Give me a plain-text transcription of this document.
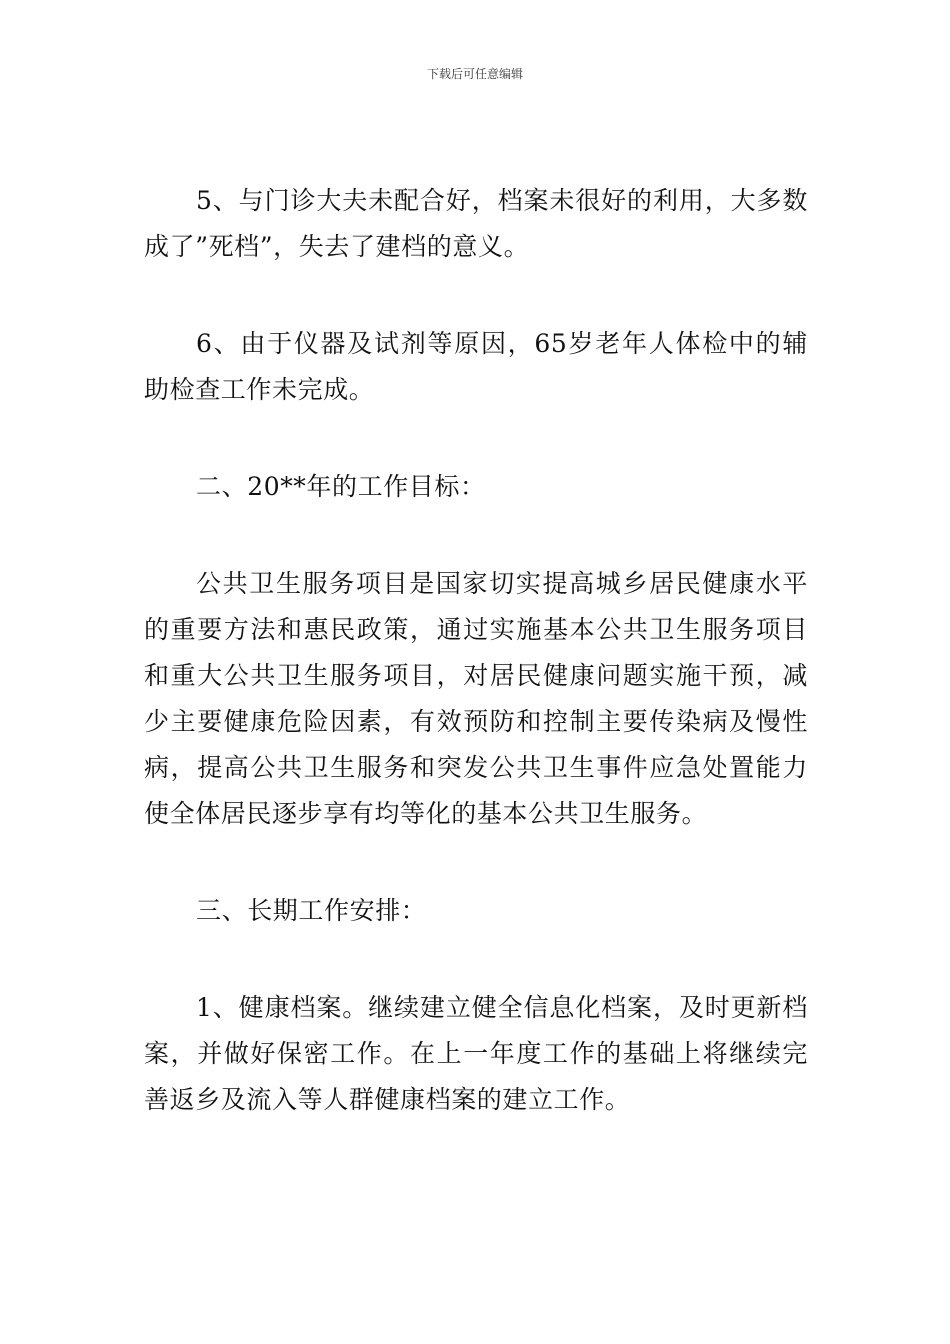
下载后可任意编辑

5、与门诊大夫未配合好，档案未很好的利用，大多数成了”死档”，失去了建档的意义。

6、由于仪器及试剂等原因，65岁老年人体检中的辅助检查工作未完成。

二、20**年的工作目标：

公共卫生服务项目是国家切实提高城乡居民健康水平的重要方法和惠民政策，通过实施基本公共卫生服务项目和重大公共卫生服务项目，对居民健康问题实施干预，减少主要健康危险因素，有效预防和控制主要传染病及慢性病，提高公共卫生服务和突发公共卫生事件应急处置能力使全体居民逐步享有均等化的基本公共卫生服务。

三、长期工作安排：

1、健康档案。继续建立健全信息化档案，及时更新档案，并做好保密工作。在上一年度工作的基础上将继续完善返乡及流入等人群健康档案的建立工作。
